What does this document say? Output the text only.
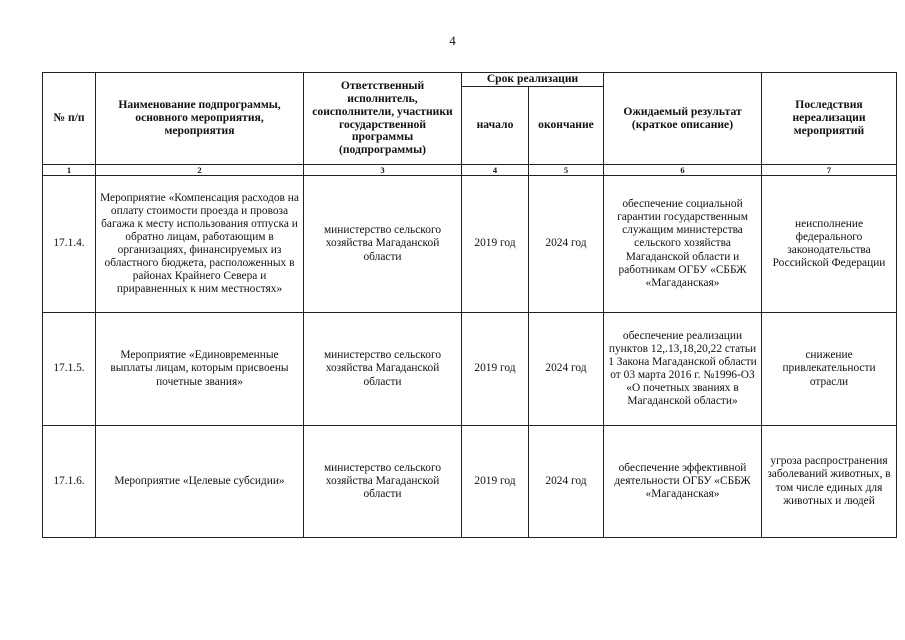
4
№ п/п	Наименование подпрограммы, основного мероприятия, мероприятия	Ответственный исполнитель, соисполнители, участники государственной программы (подпрограммы)	Срок реализации		Ожидаемый результат (краткое описание)	Последствия нереализации мероприятий
			начало	окончание		
1	2	3	4	5	6	7
17.1.4.	Мероприятие «Компенсация расходов на оплату стоимости проезда и провоза багажа к месту использования отпуска и обратно лицам, работающим в организациях, финансируемых из областного бюджета, расположенных в районах Крайнего Севера и приравненных к ним местностях»	министерство сельского хозяйства Магаданской области	2019 год	2024 год	обеспечение социальной гарантии государственным служащим министерства сельского хозяйства Магаданской области и работникам ОГБУ «СББЖ «Магаданская»	неисполнение федерального законодательства Российской Федерации
17.1.5.	Мероприятие «Единовременные выплаты лицам, которым присвоены почетные звания»	министерство сельского хозяйства Магаданской области	2019 год	2024 год	обеспечение реализации пунктов 12,.13,18,20,22 статьи 1 Закона Магаданской области от 03 марта 2016 г. №1996-ОЗ «О почетных званиях в Магаданской области»	снижение привлекательности отрасли
17.1.6.	Мероприятие «Целевые субсидии»	министерство сельского хозяйства Магаданской области	2019 год	2024 год	обеспечение эффективной деятельности ОГБУ «СББЖ «Магаданская»	угроза распространения заболеваний животных, в том числе единых для животных и людей
